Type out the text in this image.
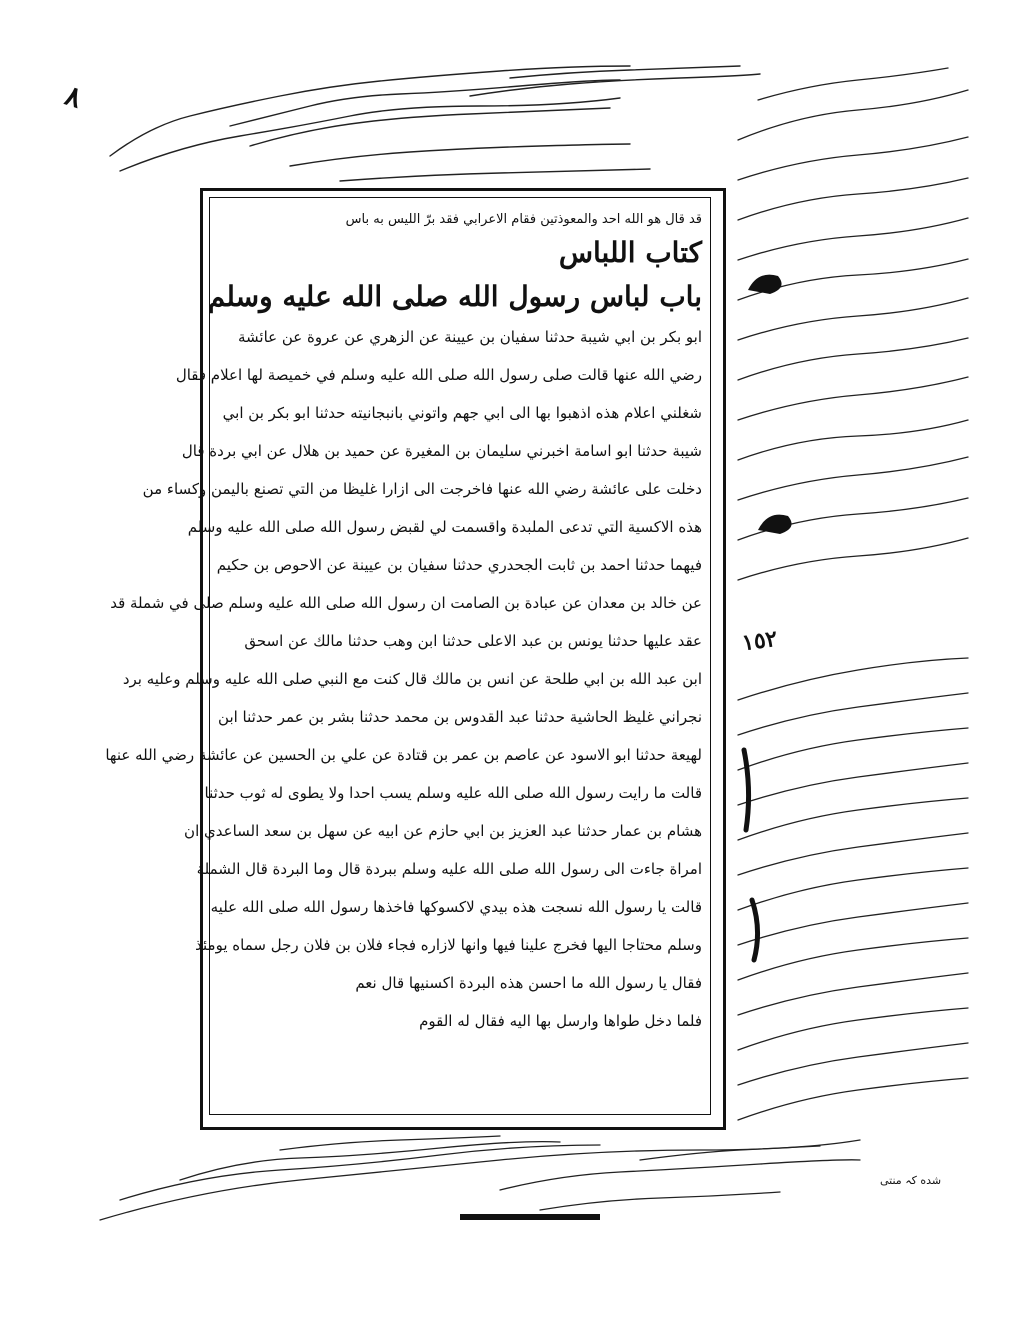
٨
١٥٢
شده کہ منتی
قد قال هو الله احد والمعوذتين فقام الاعرابي فقد برّ الليس به باس
كتاب اللباس
باب لباس رسول الله صلى الله عليه وسلم
ابو بكر بن ابي شيبة حدثنا سفيان بن عيينة عن الزهري عن عروة عن عائشة
رضي الله عنها قالت صلى رسول الله صلى الله عليه وسلم في خميصة لها اعلام فقال
شغلني اعلام هذه اذهبوا بها الى ابي جهم واتوني بانبجانيته حدثنا ابو بكر بن ابي
شيبة حدثنا ابو اسامة اخبرني سليمان بن المغيرة عن حميد بن هلال عن ابي بردة قال
دخلت على عائشة رضي الله عنها فاخرجت الى ازارا غليظا من التي تصنع باليمن وكساء من
هذه الاكسية التي تدعى الملبدة واقسمت لي لقبض رسول الله صلى الله عليه وسلم
فيهما حدثنا احمد بن ثابت الجحدري حدثنا سفيان بن عيينة عن الاحوص بن حكيم
عن خالد بن معدان عن عبادة بن الصامت ان رسول الله صلى الله عليه وسلم صلى في شملة قد
عقد عليها حدثنا يونس بن عبد الاعلى حدثنا ابن وهب حدثنا مالك عن اسحق
ابن عبد الله بن ابي طلحة عن انس بن مالك قال كنت مع النبي صلى الله عليه وسلم وعليه برد
نجراني غليظ الحاشية حدثنا عبد القدوس بن محمد حدثنا بشر بن عمر حدثنا ابن
لهيعة حدثنا ابو الاسود عن عاصم بن عمر بن قتادة عن علي بن الحسين عن عائشة رضي الله عنها
قالت ما رايت رسول الله صلى الله عليه وسلم يسب احدا ولا يطوى له ثوب حدثنا
هشام بن عمار حدثنا عبد العزيز بن ابي حازم عن ابيه عن سهل بن سعد الساعدي ان
امراة جاءت الى رسول الله صلى الله عليه وسلم ببردة قال وما البردة قال الشملة
قالت يا رسول الله نسجت هذه بيدي لاكسوكها فاخذها رسول الله صلى الله عليه
وسلم محتاجا اليها فخرج علينا فيها وانها لازاره فجاء فلان بن فلان رجل سماه يومئذ
فقال يا رسول الله ما احسن هذه البردة اكسنيها قال نعم
فلما دخل طواها وارسل بها اليه فقال له القوم
